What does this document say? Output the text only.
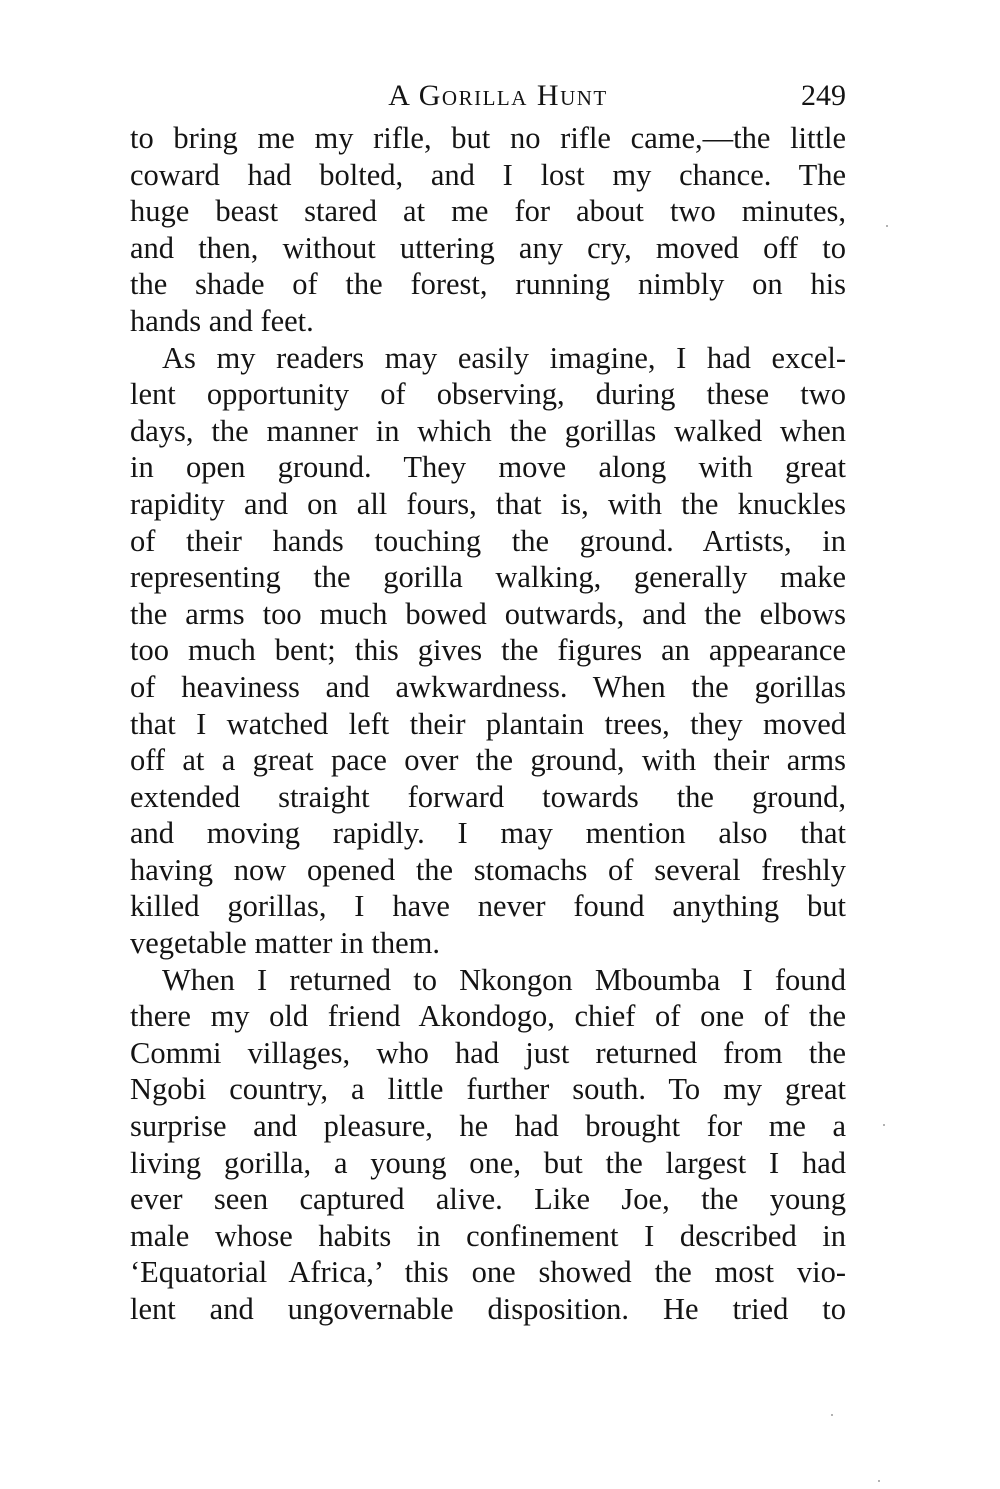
A Gorilla Hunt	249

to bring me my rifle, but no rifle came,—the little
coward had bolted, and I lost my chance. The
huge beast stared at me for about two minutes,
and then, without uttering any cry, moved off to
the shade of the forest, running nimbly on his
hands and feet.

As my readers may easily imagine, I had excel-
lent opportunity of observing, during these two
days, the manner in which the gorillas walked when
in open ground. They move along with great
rapidity and on all fours, that is, with the knuckles
of their hands touching the ground. Artists, in
representing the gorilla walking, generally make
the arms too much bowed outwards, and the elbows
too much bent; this gives the figures an appearance
of heaviness and awkwardness. When the gorillas
that I watched left their plantain trees, they moved
off at a great pace over the ground, with their arms
extended straight forward towards the ground,
and moving rapidly. I may mention also that
having now opened the stomachs of several freshly
killed gorillas, I have never found anything but
vegetable matter in them.

When I returned to Nkongon Mboumba I found
there my old friend Akondogo, chief of one of the
Commi villages, who had just returned from the
Ngobi country, a little further south. To my great
surprise and pleasure, he had brought for me a
living gorilla, a young one, but the largest I had
ever seen captured alive. Like Joe, the young
male whose habits in confinement I described in
‘Equatorial Africa,’ this one showed the most vio-
lent and ungovernable disposition. He tried to
